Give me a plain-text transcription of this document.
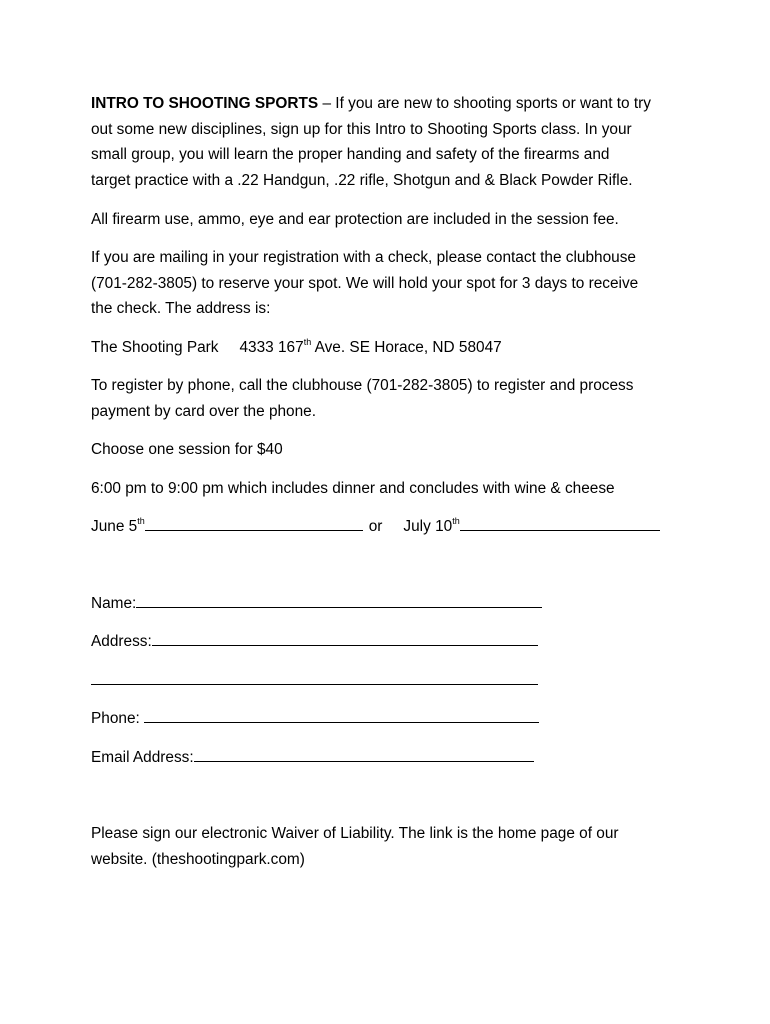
INTRO TO SHOOTING SPORTS – If you are new to shooting sports or want to try
out some new disciplines, sign up for this Intro to Shooting Sports class. In your
small group, you will learn the proper handing and safety of the firearms and
target practice with a .22 Handgun, .22 rifle, Shotgun and & Black Powder Rifle.
All firearm use, ammo, eye and ear protection are included in the session fee.
If you are mailing in your registration with a check, please contact the clubhouse
(701-282-3805) to reserve your spot. We will hold your spot for 3 days to receive
the check. The address is:
The Shooting Park 4333 167th Ave. SE Horace, ND 58047
To register by phone, call the clubhouse (701-282-3805) to register and process
payment by card over the phone.
Choose one session for $40
6:00 pm to 9:00 pm which includes dinner and concludes with wine & cheese
June 5th	or July 10th
Name:
Address:
Phone:
Email Address:
Please sign our electronic Waiver of Liability. The link is the home page of our
website. (theshootingpark.com)
